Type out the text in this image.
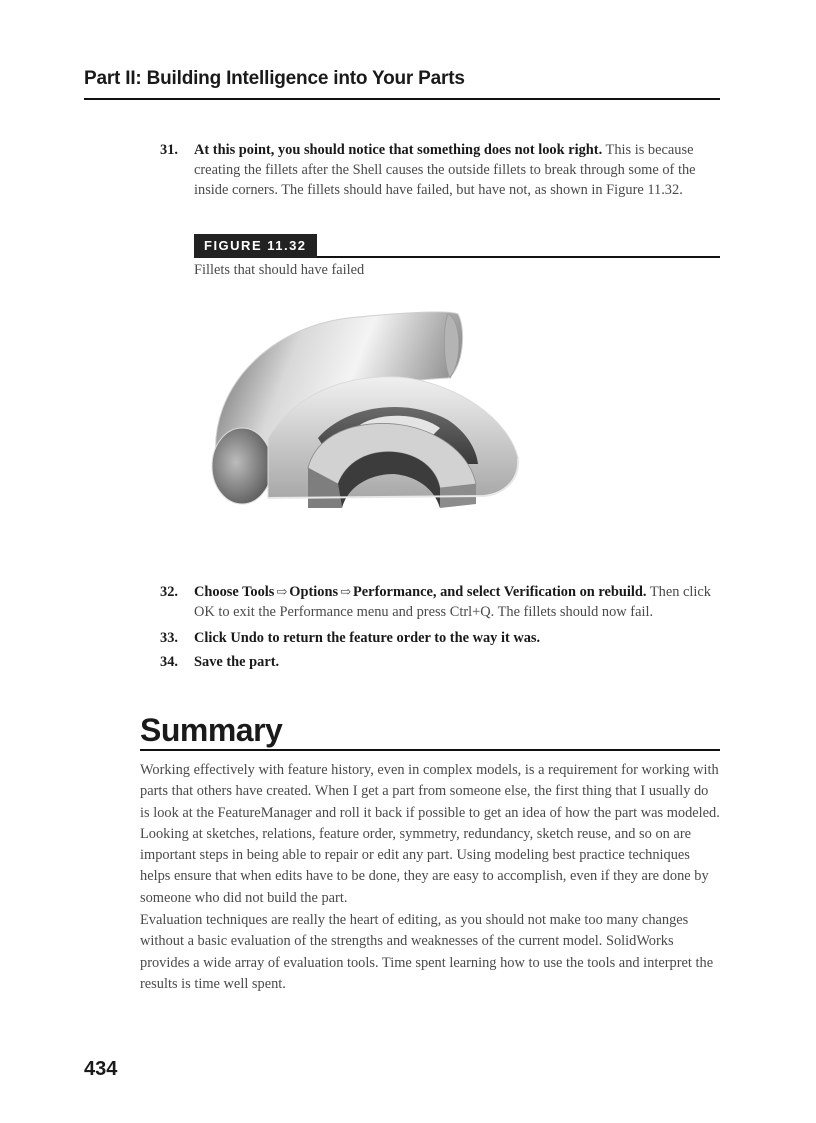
Part II: Building Intelligence into Your Parts
31.	At this point, you should notice that something does not look right. This is because creating the fillets after the Shell causes the outside fillets to break through some of the inside corners. The fillets should have failed, but have not, as shown in Figure 11.32.
FIGURE 11.32
Fillets that should have failed
32.	Choose Tools ⇨ Options ⇨ Performance, and select Verification on rebuild. Then click OK to exit the Performance menu and press Ctrl+Q. The fillets should now fail.
33.	Click Undo to return the feature order to the way it was.
34.	Save the part.
Summary
Working effectively with feature history, even in complex models, is a requirement for working with parts that others have created. When I get a part from someone else, the first thing that I usually do is look at the FeatureManager and roll it back if possible to get an idea of how the part was modeled. Looking at sketches, relations, feature order, symmetry, redundancy, sketch reuse, and so on are important steps in being able to repair or edit any part. Using modeling best practice techniques helps ensure that when edits have to be done, they are easy to accomplish, even if they are done by someone who did not build the part.
Evaluation techniques are really the heart of editing, as you should not make too many changes without a basic evaluation of the strengths and weaknesses of the current model. SolidWorks provides a wide array of evaluation tools. Time spent learning how to use the tools and interpret the results is time well spent.
434
